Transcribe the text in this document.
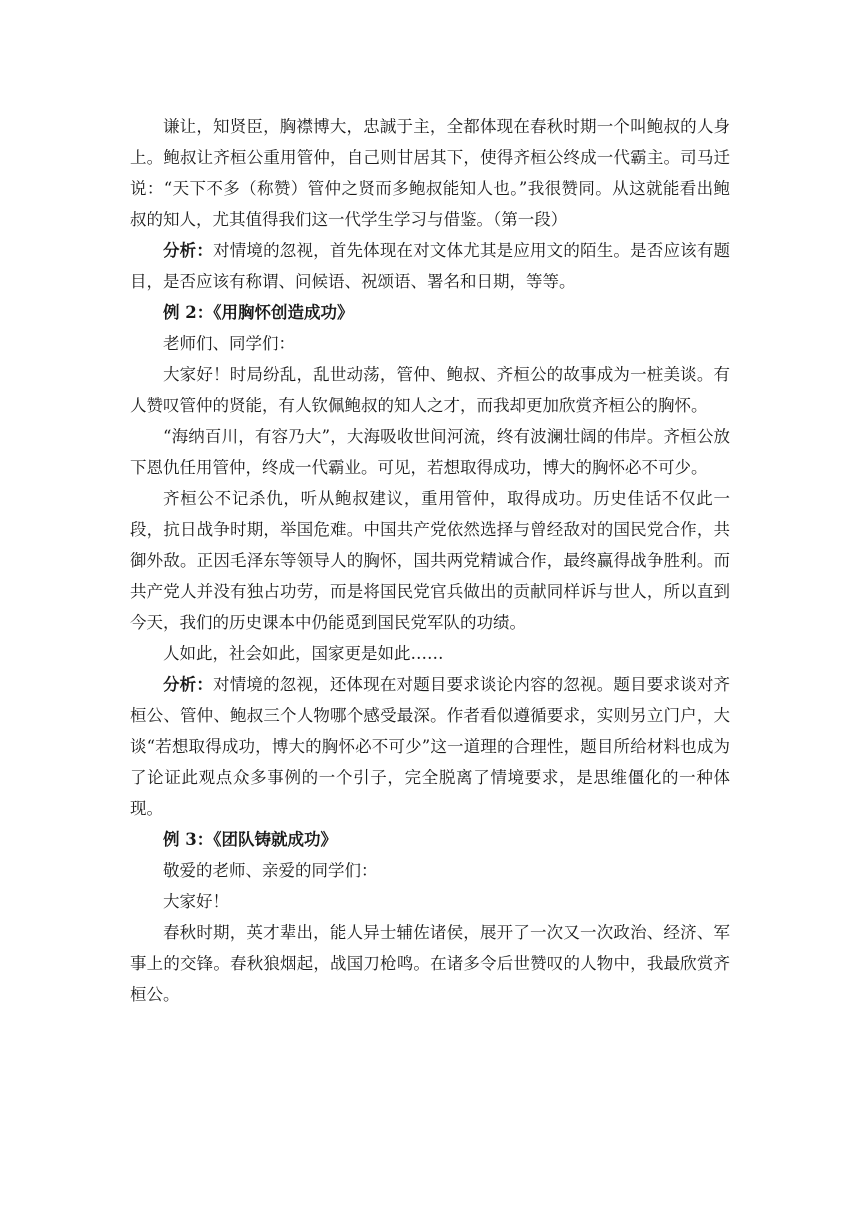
谦让，知贤臣，胸襟博大，忠誠于主，全都体现在春秋时期一个叫鲍叔的人身上。鲍叔让齐桓公重用管仲，自己则甘居其下，使得齐桓公终成一代霸主。司马迁说：“天下不多（称赞）管仲之贤而多鲍叔能知人也。”我很赞同。从这就能看出鲍叔的知人，尤其值得我们这一代学生学习与借鉴。（第一段）

分析：对情境的忽视，首先体现在对文体尤其是应用文的陌生。是否应该有题目，是否应该有称谓、问候语、祝颂语、署名和日期，等等。

例 2：《用胸怀创造成功》

老师们、同学们：

大家好！时局纷乱，乱世动荡，管仲、鲍叔、齐桓公的故事成为一桩美谈。有人赞叹管仲的贤能，有人钦佩鲍叔的知人之才，而我却更加欣赏齐桓公的胸怀。

“海纳百川，有容乃大”，大海吸收世间河流，终有波澜壮阔的伟岸。齐桓公放下恩仇任用管仲，终成一代霸业。可见，若想取得成功，博大的胸怀必不可少。

齐桓公不记杀仇，听从鲍叔建议，重用管仲，取得成功。历史佳话不仅此一段，抗日战争时期，举国危难。中国共产党依然选择与曾经敌对的国民党合作，共御外敌。正因毛泽东等领导人的胸怀，国共两党精诚合作，最终赢得战争胜利。而共产党人并没有独占功劳，而是将国民党官兵做出的贡献同样诉与世人，所以直到今天，我们的历史课本中仍能觅到国民党军队的功绩。

人如此，社会如此，国家更是如此……

分析：对情境的忽视，还体现在对题目要求谈论内容的忽视。题目要求谈对齐桓公、管仲、鲍叔三个人物哪个感受最深。作者看似遵循要求，实则另立门户，大谈“若想取得成功，博大的胸怀必不可少”这一道理的合理性，题目所给材料也成为了论证此观点众多事例的一个引子，完全脱离了情境要求，是思维僵化的一种体现。

例 3：《团队铸就成功》

敬爱的老师、亲爱的同学们：

大家好！

春秋时期，英才辈出，能人异士辅佐诸侯，展开了一次又一次政治、经济、军事上的交锋。春秋狼烟起，战国刀枪鸣。在诸多令后世赞叹的人物中，我最欣赏齐桓公。
